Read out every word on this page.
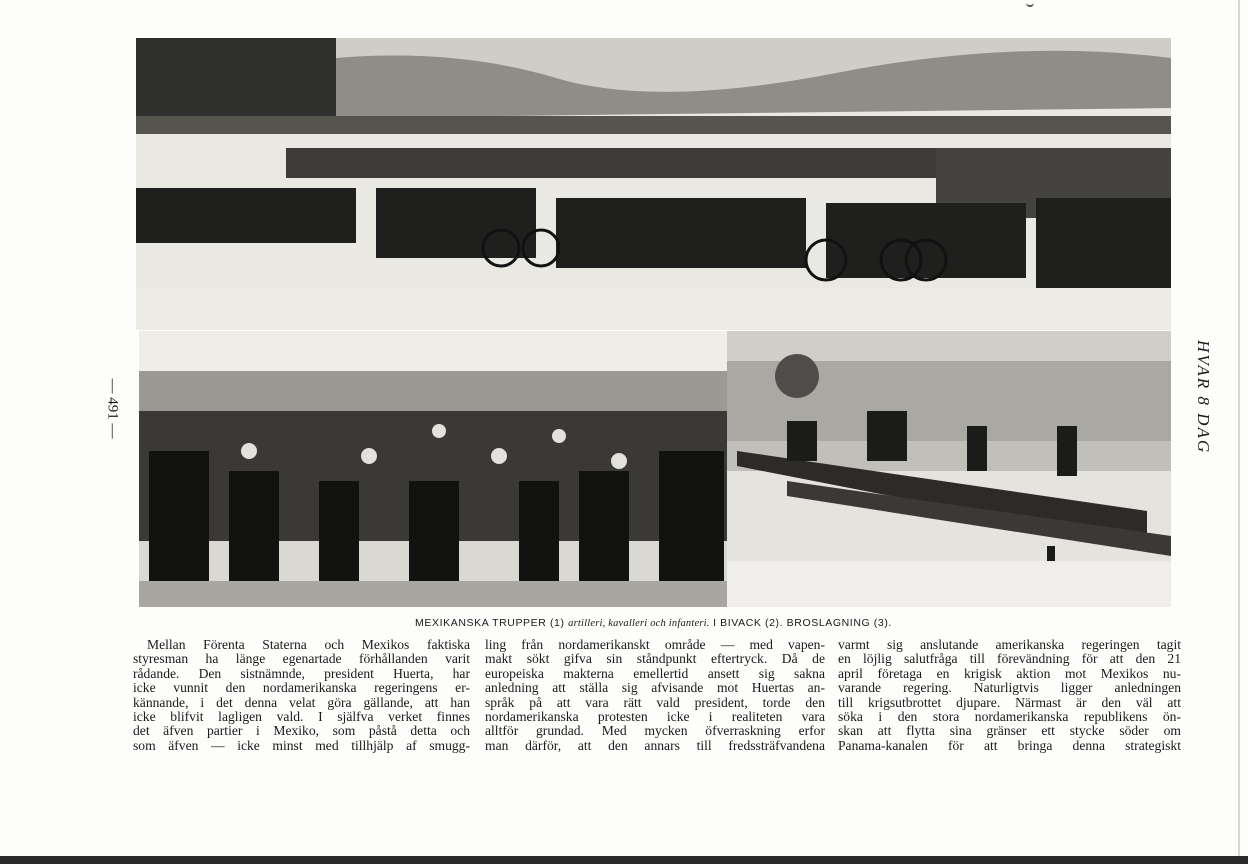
MEXIKANSKA TRUPPER (1) artilleri, kavalleri och infanteri. I BIVACK (2). BROSLAGNING (3).
Mellan Förenta Staterna och Mexikos faktiska
styresman ha länge egenartade förhållanden varit
rådande. Den sistnämnde, president Huerta, har
icke vunnit den nordamerikanska regeringens er-
kännande, i det denna velat göra gällande, att han
icke blifvit lagligen vald. I själfva verket finnes
det äfven partier i Mexiko, som påstå detta och
som äfven — icke minst med tillhjälp af smugg-
ling från nordamerikanskt område — med vapen-
makt sökt gifva sin ståndpunkt eftertryck. Då de
europeiska makterna emellertid ansett sig sakna
anledning att ställa sig afvisande mot Huertas an-
språk på att vara rätt vald president, torde den
nordamerikanska protesten icke i realiteten vara
alltför grundad. Med mycken öfverraskning erfor
man därför, att den annars till fredssträfvandena
varmt sig anslutande amerikanska regeringen tagit
en löjlig salutfråga till förevändning för att den 21
april företaga en krigisk aktion mot Mexikos nu-
varande regering. Naturligtvis ligger anledningen
till krigsutbrottet djupare. Närmast är den väl att
söka i den stora nordamerikanska republikens ön-
skan att flytta sina gränser ett stycke söder om
Panama-kanalen för att bringa denna strategiskt
— 491 —	HVAR 8 DAG
